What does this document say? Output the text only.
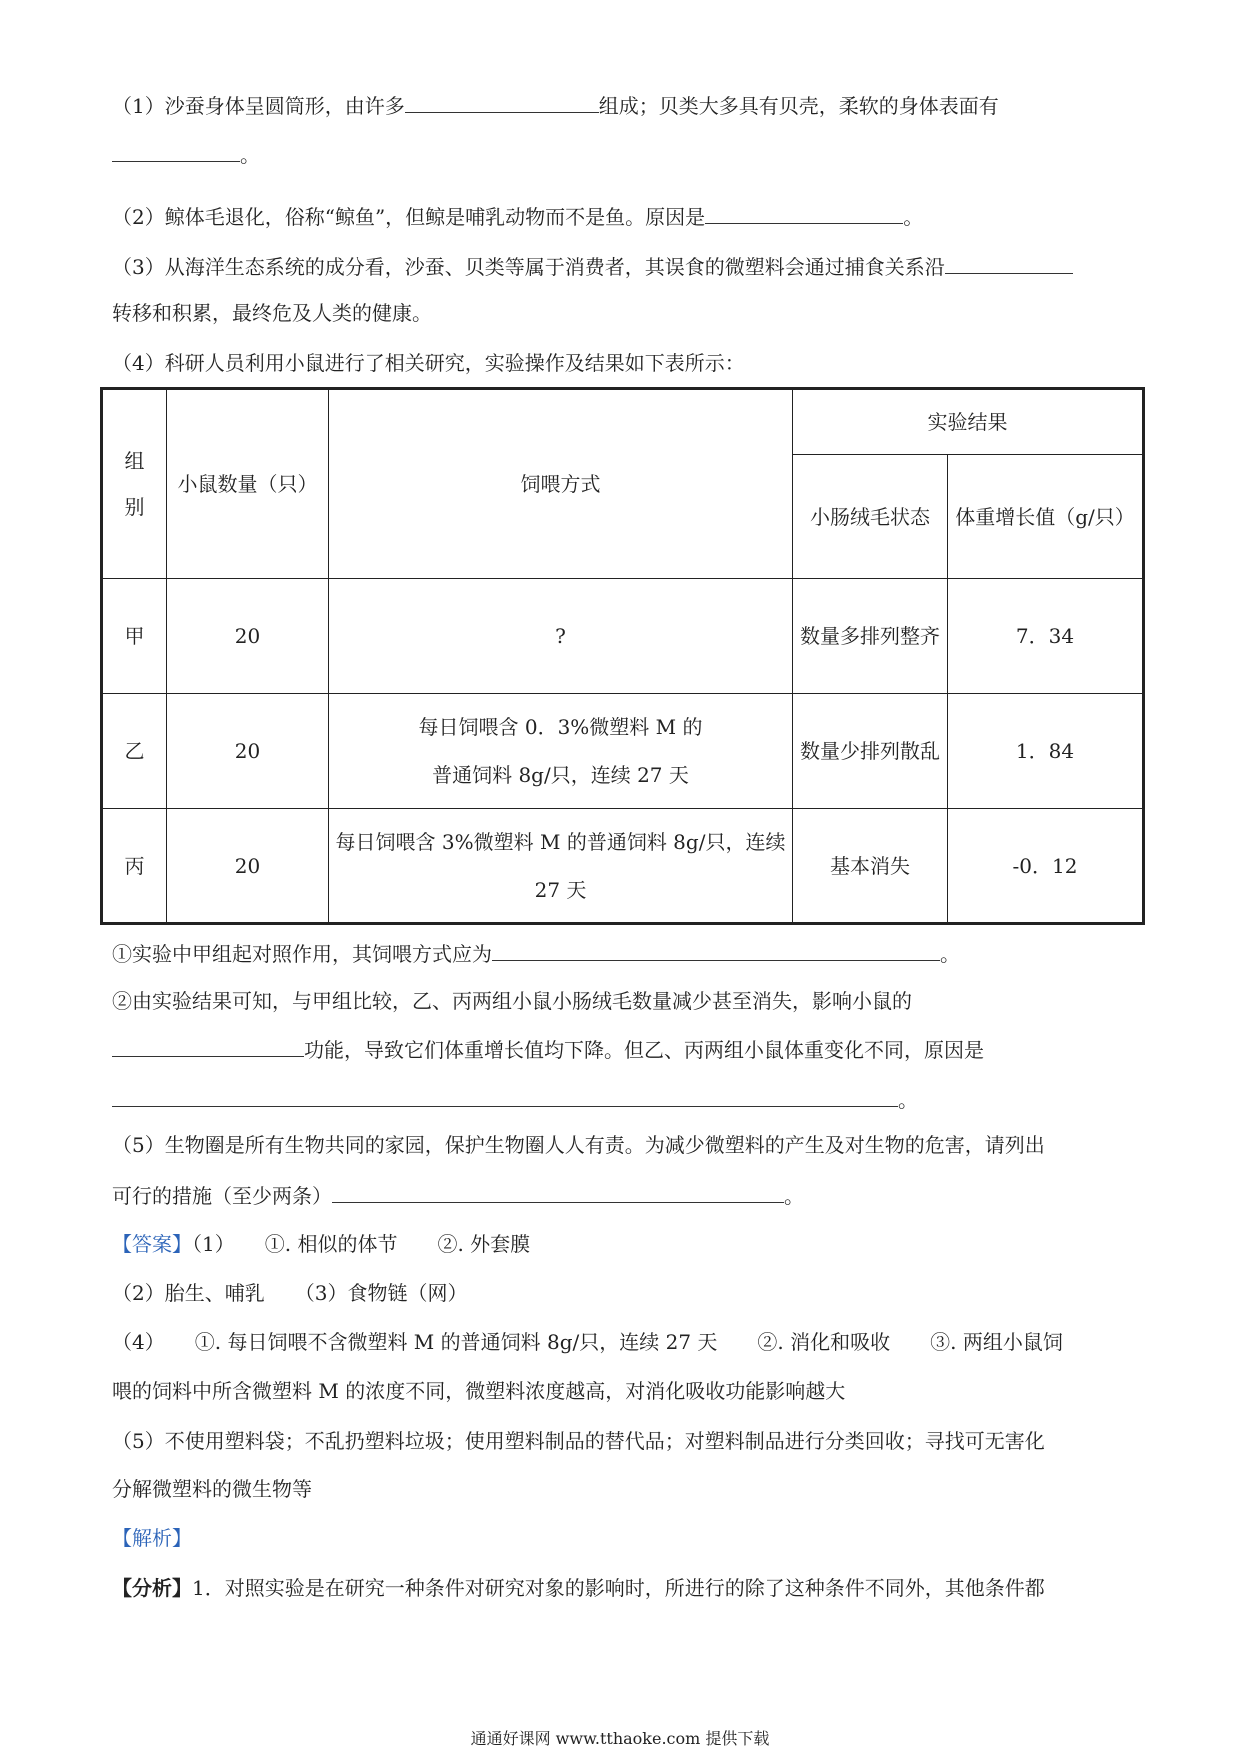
（1）沙蚕身体呈圆筒形，由许多	组成；贝类大多具有贝壳，柔软的身体表面有
。
（2）鲸体毛退化，俗称“鲸鱼”，但鲸是哺乳动物而不是鱼。原因是	。
（3）从海洋生态系统的成分看，沙蚕、贝类等属于消费者，其误食的微塑料会通过捕食关系沿
转移和积累，最终危及人类的健康。
（4）科研人员利用小鼠进行了相关研究，实验操作及结果如下表所示：
组别	小鼠数量（只）	饲喂方式	实验结果	
			小肠绒毛状态	体重增长值（g/只）
甲	20	?	数量多排列整齐	7．34
乙	20	每日饲喂含 0．3%微塑料 M 的普通饲料 8g/只，连续 27 天	数量少排列散乱	1．84
丙	20	每日饲喂含 3%微塑料 M 的普通饲料 8g/只，连续 27 天	基本消失	-0．12
①实验中甲组起对照作用，其饲喂方式应为	。
②由实验结果可知，与甲组比较，乙、丙两组小鼠小肠绒毛数量减少甚至消失，影响小鼠的
功能，导致它们体重增长值均下降。但乙、丙两组小鼠体重变化不同，原因是
。
（5）生物圈是所有生物共同的家园，保护生物圈人人有责。为减少微塑料的产生及对生物的危害，请列出
可行的措施（至少两条）	。
【答案】（1）　　①. 相似的体节　　②. 外套膜
（2）胎生、哺乳　　（3）食物链（网）
（4）　　①. 每日饲喂不含微塑料 M 的普通饲料 8g/只，连续 27 天　　②. 消化和吸收　　③. 两组小鼠饲
喂的饲料中所含微塑料 M 的浓度不同，微塑料浓度越高，对消化吸收功能影响越大
（5）不使用塑料袋；不乱扔塑料垃圾；使用塑料制品的替代品；对塑料制品进行分类回收；寻找可无害化
分解微塑料的微生物等
【解析】
【分析】1．对照实验是在研究一种条件对研究对象的影响时，所进行的除了这种条件不同外，其他条件都
通通好课网 www.tthaoke.com 提供下载
